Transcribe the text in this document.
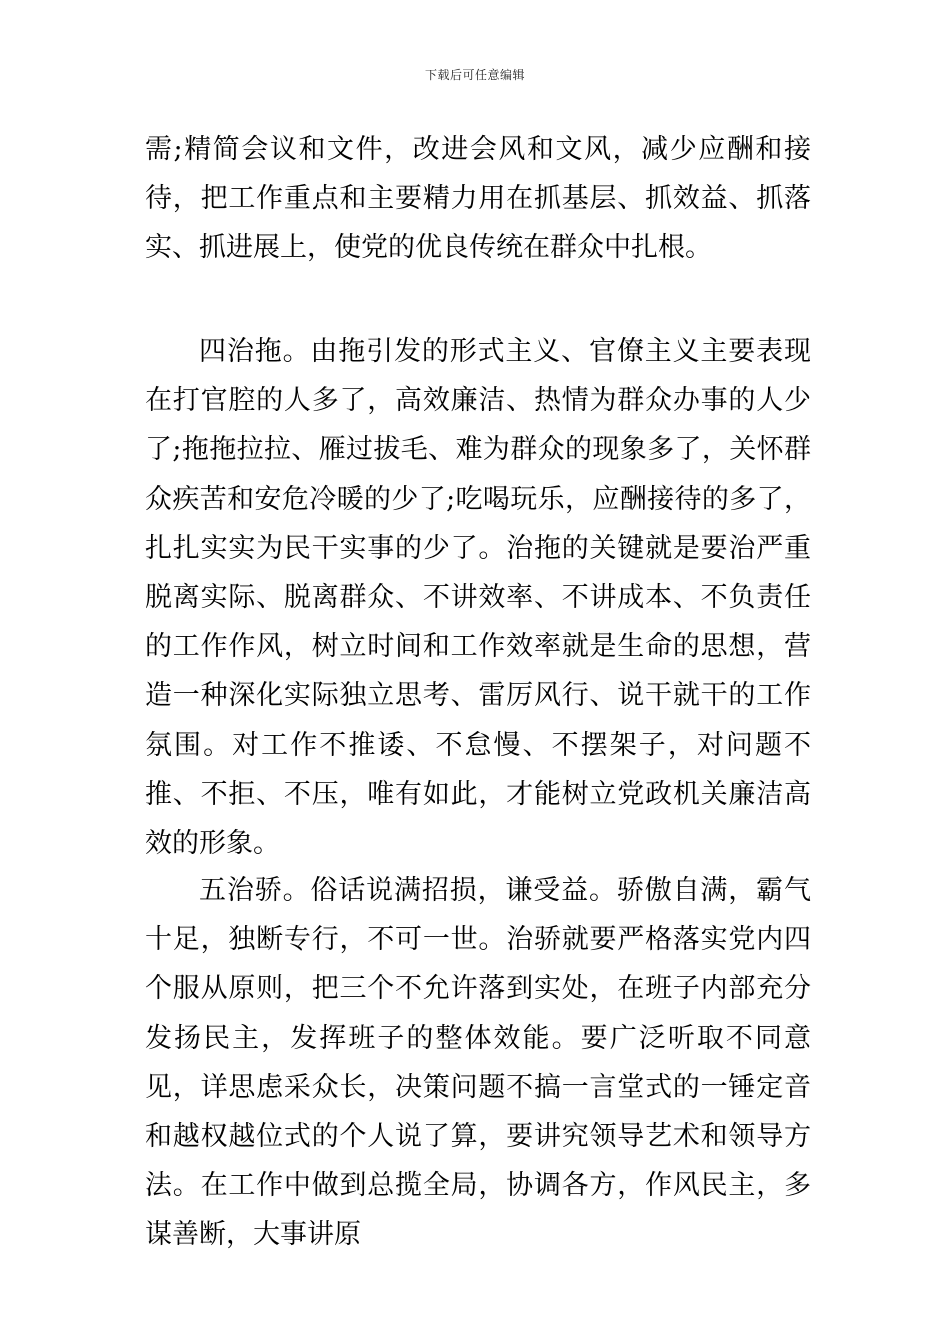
下载后可任意编辑

需;精简会议和文件，改进会风和文风，减少应酬和接待，把工作重点和主要精力用在抓基层、抓效益、抓落实、抓进展上，使党的优良传统在群众中扎根。

四治拖。由拖引发的形式主义、官僚主义主要表现在打官腔的人多了，高效廉洁、热情为群众办事的人少了;拖拖拉拉、雁过拔毛、难为群众的现象多了，关怀群众疾苦和安危冷暖的少了;吃喝玩乐，应酬接待的多了，扎扎实实为民干实事的少了。治拖的关键就是要治严重脱离实际、脱离群众、不讲效率、不讲成本、不负责任的工作作风，树立时间和工作效率就是生命的思想，营造一种深化实际独立思考、雷厉风行、说干就干的工作氛围。对工作不推诿、不怠慢、不摆架子，对问题不推、不拒、不压，唯有如此，才能树立党政机关廉洁高效的形象。

五治骄。俗话说满招损，谦受益。骄傲自满，霸气十足，独断专行，不可一世。治骄就要严格落实党内四个服从原则，把三个不允许落到实处，在班子内部充分发扬民主，发挥班子的整体效能。要广泛听取不同意见，详思虑采众长，决策问题不搞一言堂式的一锤定音和越权越位式的个人说了算，要讲究领导艺术和领导方法。在工作中做到总揽全局，协调各方，作风民主，多谋善断，大事讲原
